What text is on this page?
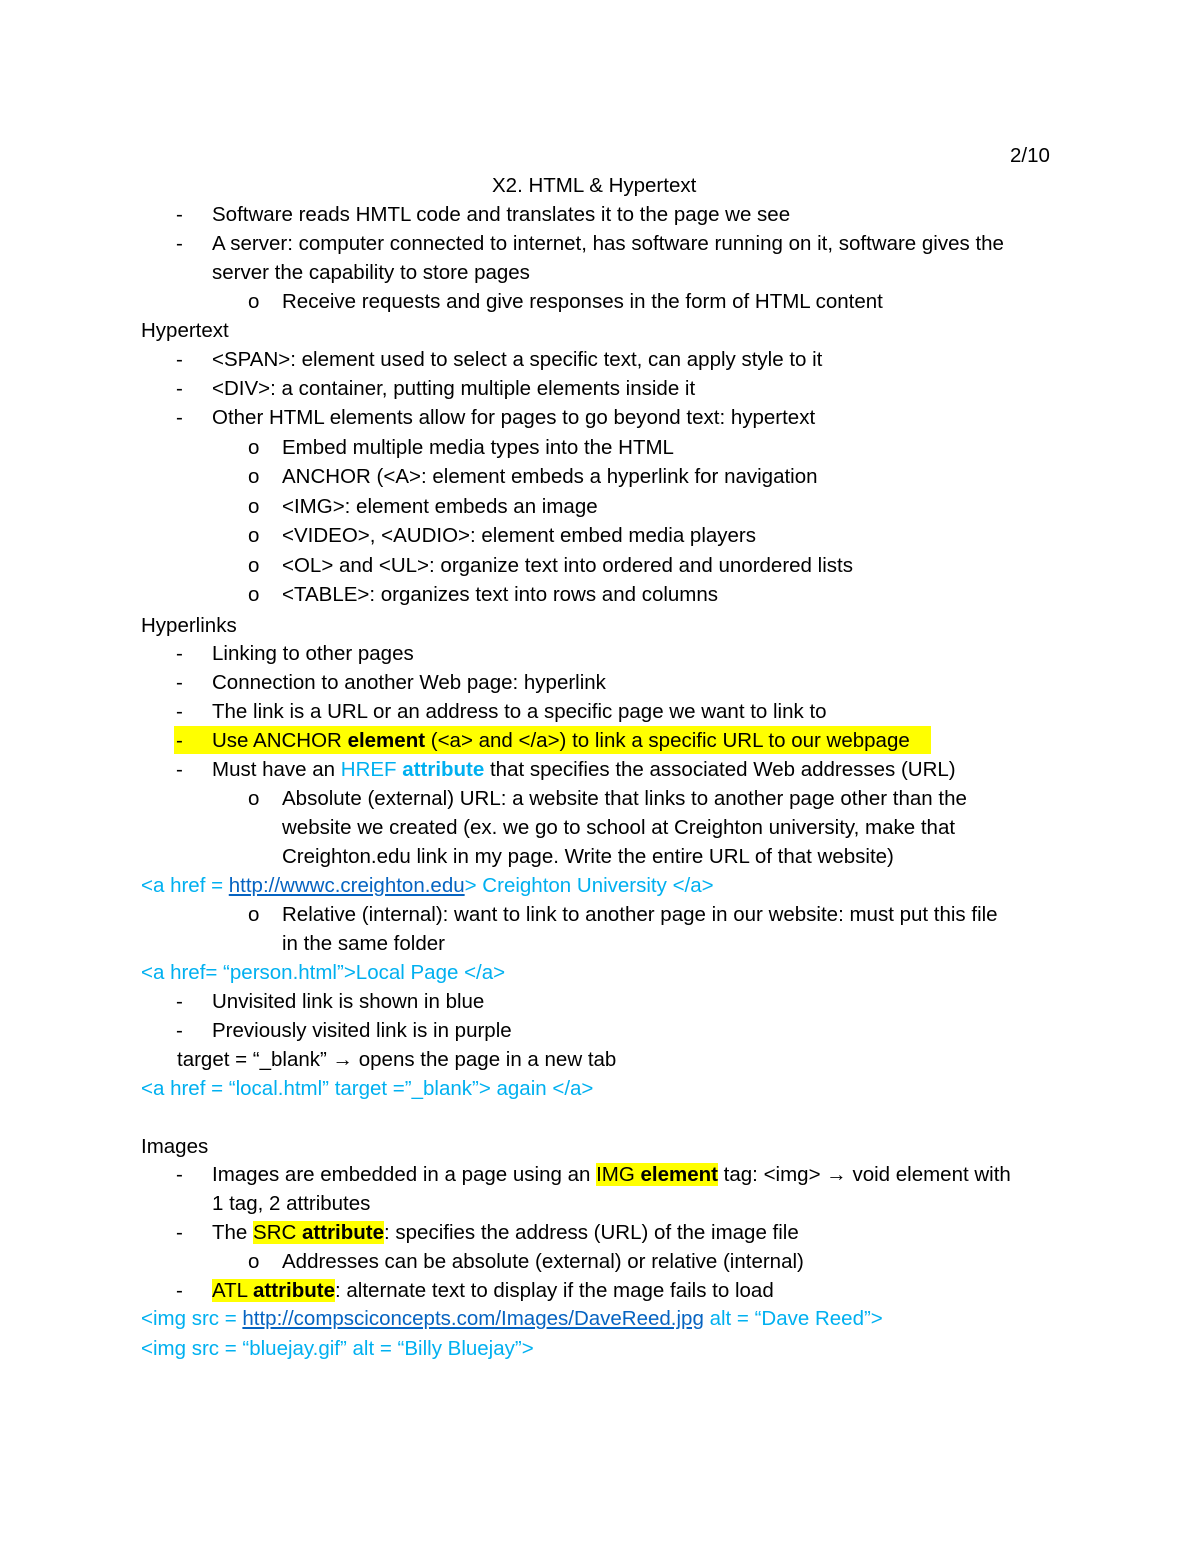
2/10
X2. HTML & Hypertext
- Software reads HMTL code and translates it to the page we see
- A server: computer connected to internet, has software running on it, software gives the
server the capability to store pages
o Receive requests and give responses in the form of HTML content
Hypertext
- <SPAN>: element used to select a specific text, can apply style to it
- <DIV>: a container, putting multiple elements inside it
- Other HTML elements allow for pages to go beyond text: hypertext
o Embed multiple media types into the HTML
o ANCHOR (<A>: element embeds a hyperlink for navigation
o <IMG>: element embeds an image
o <VIDEO>, <AUDIO>: element embed media players
o <OL> and <UL>: organize text into ordered and unordered lists
o <TABLE>: organizes text into rows and columns
Hyperlinks
- Linking to other pages
- Connection to another Web page: hyperlink
- The link is a URL or an address to a specific page we want to link to
- Use ANCHOR element (<a> and </a>) to link a specific URL to our webpage
- Must have an HREF attribute that specifies the associated Web addresses (URL)
o Absolute (external) URL: a website that links to another page other than the
website we created (ex. we go to school at Creighton university, make that
Creighton.edu link in my page. Write the entire URL of that website)
<a href = http://wwwc.creighton.edu> Creighton University </a>
o Relative (internal): want to link to another page in our website: must put this file
in the same folder
<a href= “person.html”>Local Page </a>
- Unvisited link is shown in blue
- Previously visited link is in purple
target = “_blank” → opens the page in a new tab
<a href = “local.html” target =”_blank”> again </a>
Images
- Images are embedded in a page using an IMG element tag: <img> → void element with
1 tag, 2 attributes
- The SRC attribute: specifies the address (URL) of the image file
o Addresses can be absolute (external) or relative (internal)
- ATL attribute: alternate text to display if the mage fails to load
<img src = http://compsciconcepts.com/Images/DaveReed.jpg alt = “Dave Reed”>
<img src = “bluejay.gif” alt = “Billy Bluejay”>
